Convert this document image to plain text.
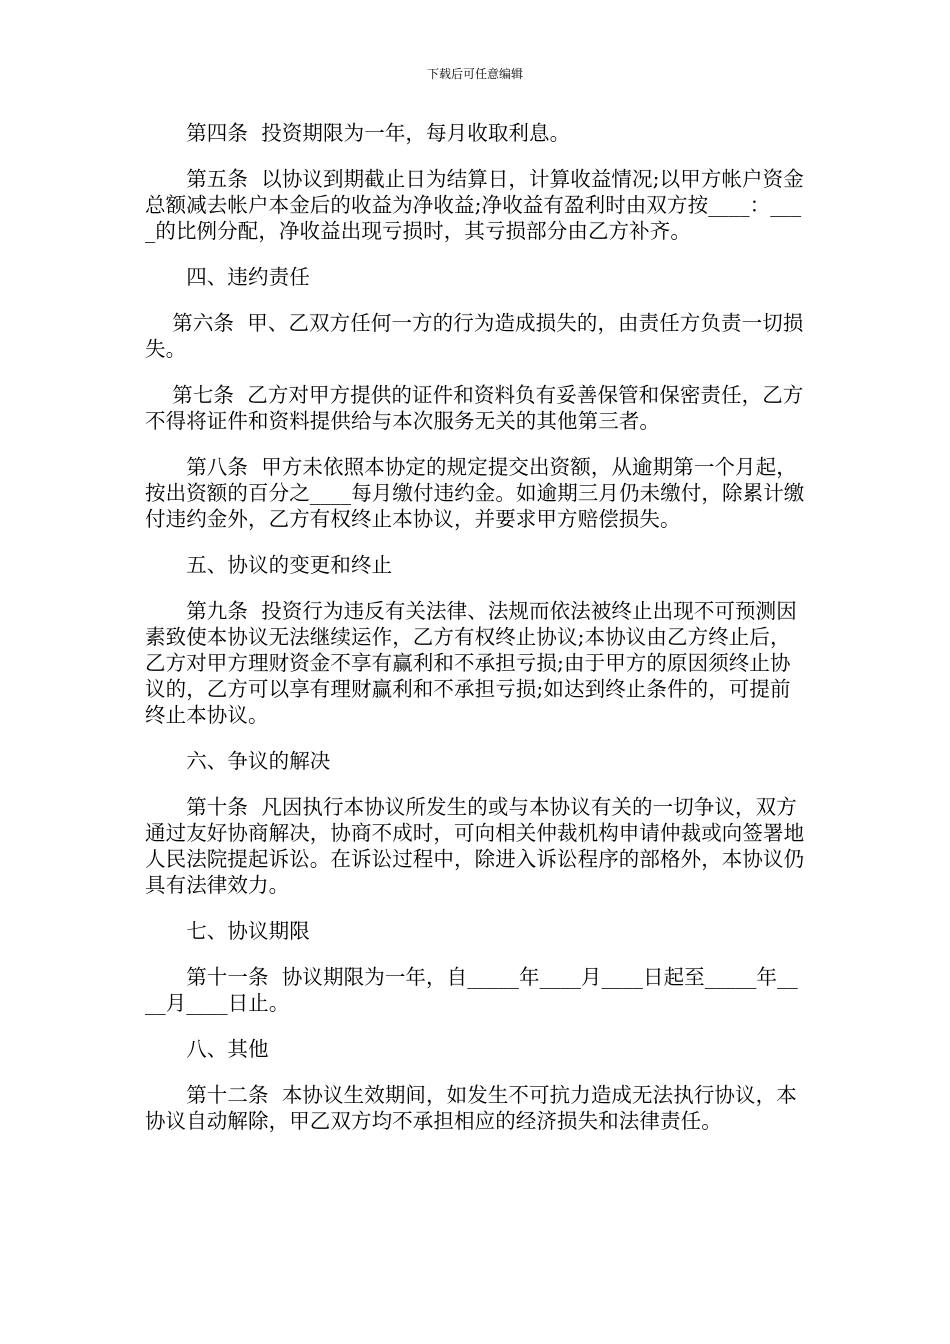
下载后可任意编辑

　　第四条  投资期限为一年，每月收取利息。

　　第五条  以协议到期截止日为结算日，计算收益情况;以甲方帐户资金总额减去帐户本金后的收益为净收益;净收益有盈利时由双方按____：____的比例分配，净收益出现亏损时，其亏损部分由乙方补齐。

　　四、违约责任

　第六条  甲、乙双方任何一方的行为造成损失的，由责任方负责一切损失。

　第七条  乙方对甲方提供的证件和资料负有妥善保管和保密责任，乙方不得将证件和资料提供给与本次服务无关的其他第三者。

　　第八条  甲方未依照本协定的规定提交出资额，从逾期第一个月起，按出资额的百分之____每月缴付违约金。如逾期三月仍未缴付，除累计缴付违约金外，乙方有权终止本协议，并要求甲方赔偿损失。

　　五、协议的变更和终止

　　第九条  投资行为违反有关法律、法规而依法被终止出现不可预测因素致使本协议无法继续运作，乙方有权终止协议;本协议由乙方终止后，乙方对甲方理财资金不享有赢利和不承担亏损;由于甲方的原因须终止协议的，乙方可以享有理财赢利和不承担亏损;如达到终止条件的，可提前终止本协议。

　　六、争议的解决

　　第十条  凡因执行本协议所发生的或与本协议有关的一切争议，双方通过友好协商解决，协商不成时，可向相关仲裁机构申请仲裁或向签署地人民法院提起诉讼。在诉讼过程中，除进入诉讼程序的部格外，本协议仍具有法律效力。

　　七、协议期限

　　第十一条  协议期限为一年，自_____年____月____日起至_____年____月____日止。

　　八、其他

　　第十二条  本协议生效期间，如发生不可抗力造成无法执行协议，本协议自动解除，甲乙双方均不承担相应的经济损失和法律责任。
